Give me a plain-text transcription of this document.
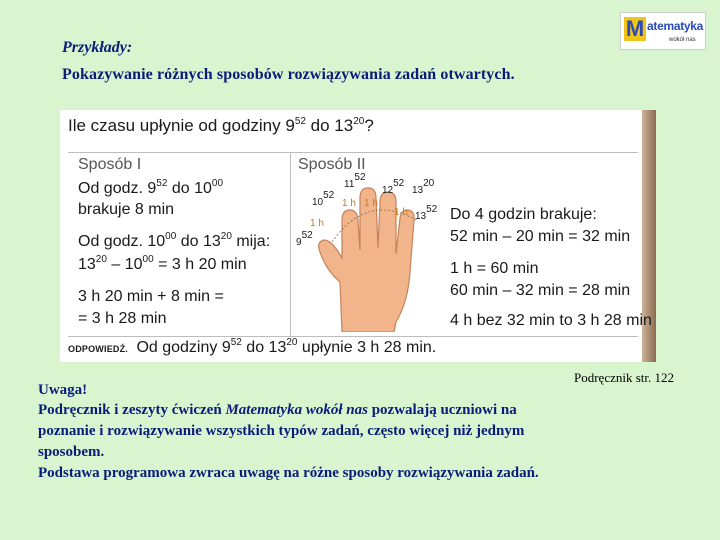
Przykłady:
Pokazywanie różnych sposobów rozwiązywania zadań otwartych.
M atematyka
wokół nas
Ile czasu upłynie od godziny $9^{52}$ do $13^{20}$?
Sposób I
Od godz. $9^{52}$ do $10^{00}$
brakuje 8 min
Od godz. $10^{00}$ do $13^{20}$ mija:
$13^{20} - 10^{00} = 3$ h 20 min
3 h 20 min + 8 min =
= 3 h 28 min
Sposób II
$11^{52}$
$12^{52}$
$13^{20}$
$10^{52}$
$13^{52}$
$9^{52}$
1 h
1 h 1 h
1 h	Do 4 godzin brakuje:
52 min – 20 min = 32 min
1 h = 60 min
60 min – 32 min = 28 min
4 h bez 32 min to 3 h 28 min
ODPOWIEDŹ. Od godziny $9^{52}$ do $13^{20}$ upłynie 3 h 28 min.
Podręcznik str. 122
Uwaga!
Podręcznik i zeszyty ćwiczeń Matematyka wokół nas pozwalają uczniowi na
poznanie i rozwiązywanie wszystkich typów zadań, często więcej niż jednym
sposobem.
Podstawa programowa zwraca uwagę na różne sposoby rozwiązywania zadań.
